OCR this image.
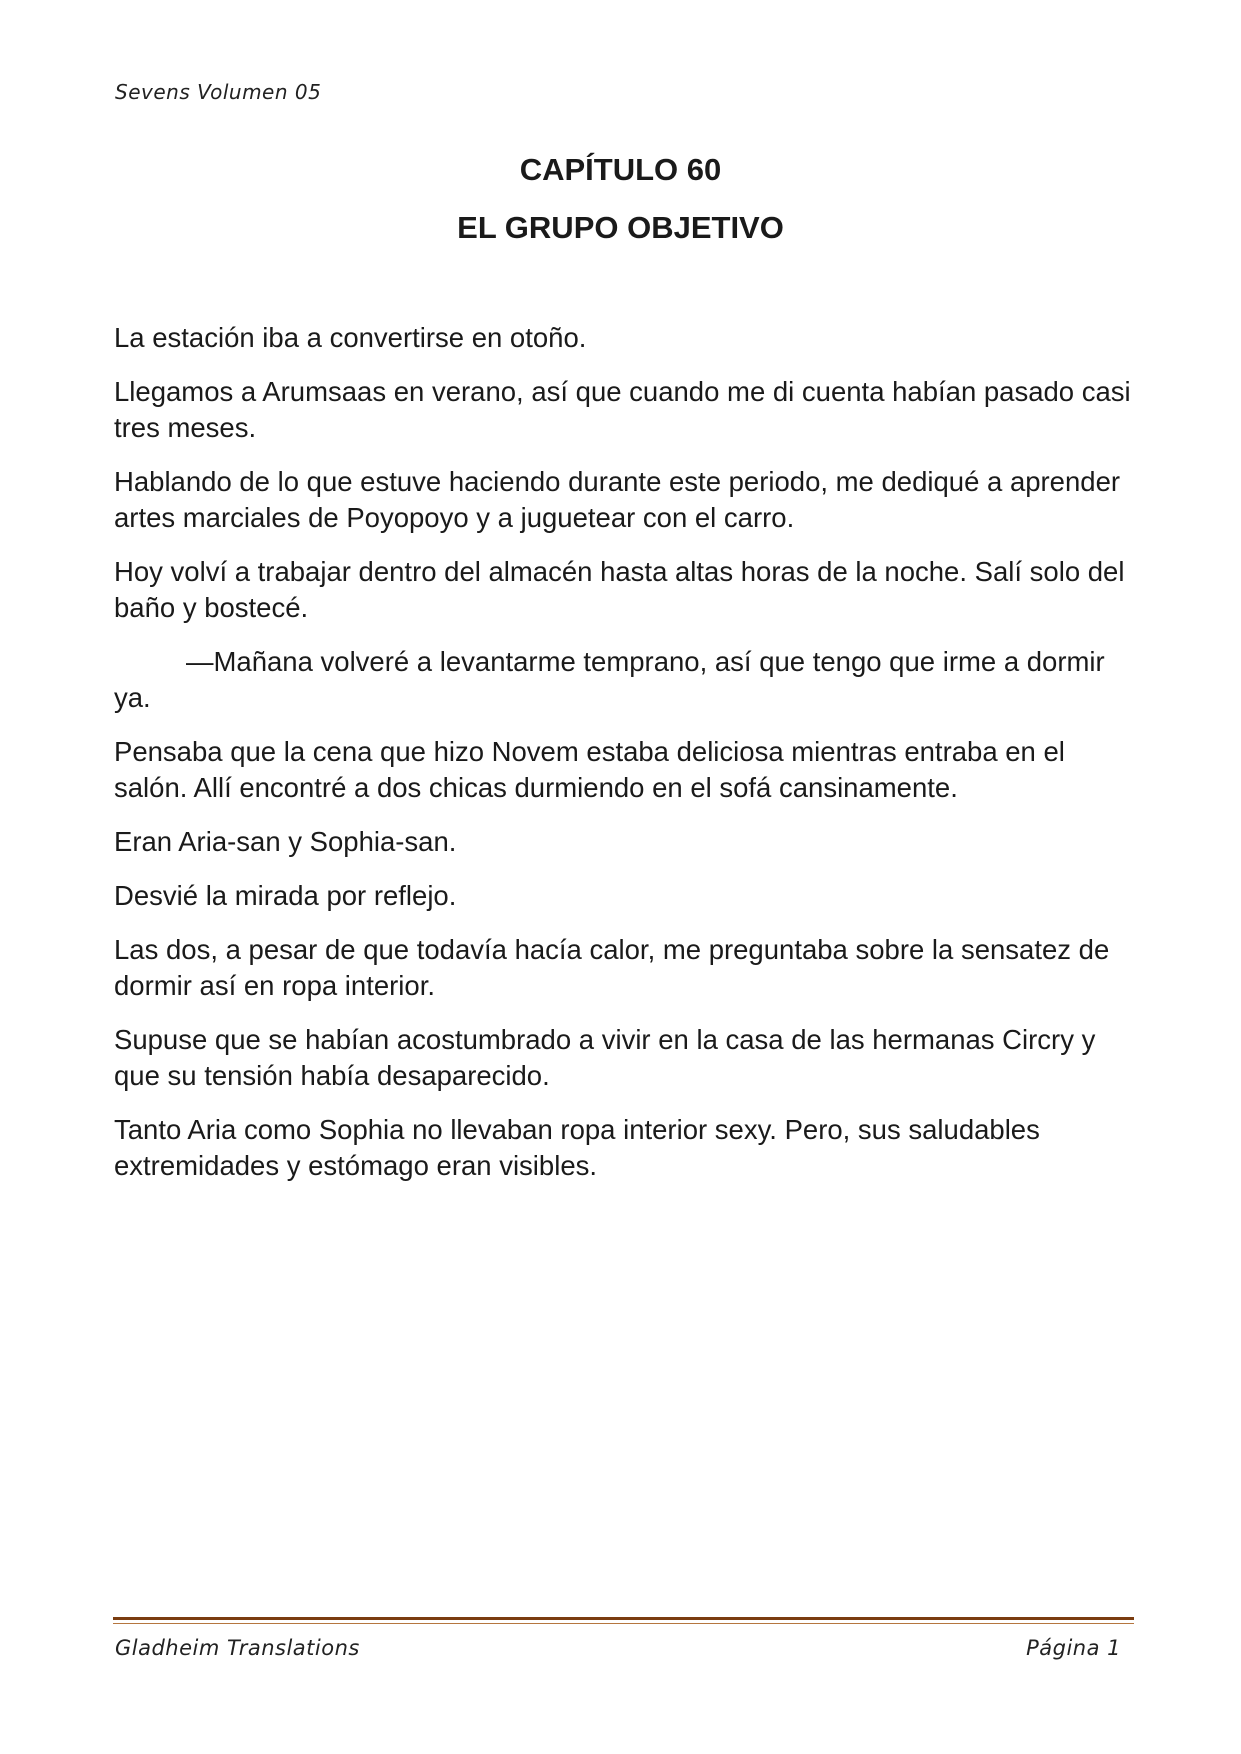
Sevens Volumen 05
CAPÍTULO 60
EL GRUPO OBJETIVO

La estación iba a convertirse en otoño.

Llegamos a Arumsaas en verano, así que cuando me di cuenta habían pasado casi tres meses.

Hablando de lo que estuve haciendo durante este periodo, me dediqué a aprender artes marciales de Poyopoyo y a juguetear con el carro.

Hoy volví a trabajar dentro del almacén hasta altas horas de la noche. Salí solo del baño y bostecé.

—Mañana volveré a levantarme temprano, así que tengo que irme a dormir ya.

Pensaba que la cena que hizo Novem estaba deliciosa mientras entraba en el salón. Allí encontré a dos chicas durmiendo en el sofá cansinamente.

Eran Aria-san y Sophia-san.

Desvié la mirada por reflejo.

Las dos, a pesar de que todavía hacía calor, me preguntaba sobre la sensatez de dormir así en ropa interior.

Supuse que se habían acostumbrado a vivir en la casa de las hermanas Circry y que su tensión había desaparecido.

Tanto Aria como Sophia no llevaban ropa interior sexy. Pero, sus saludables extremidades y estómago eran visibles.

Gladheim Translations	Página 1
